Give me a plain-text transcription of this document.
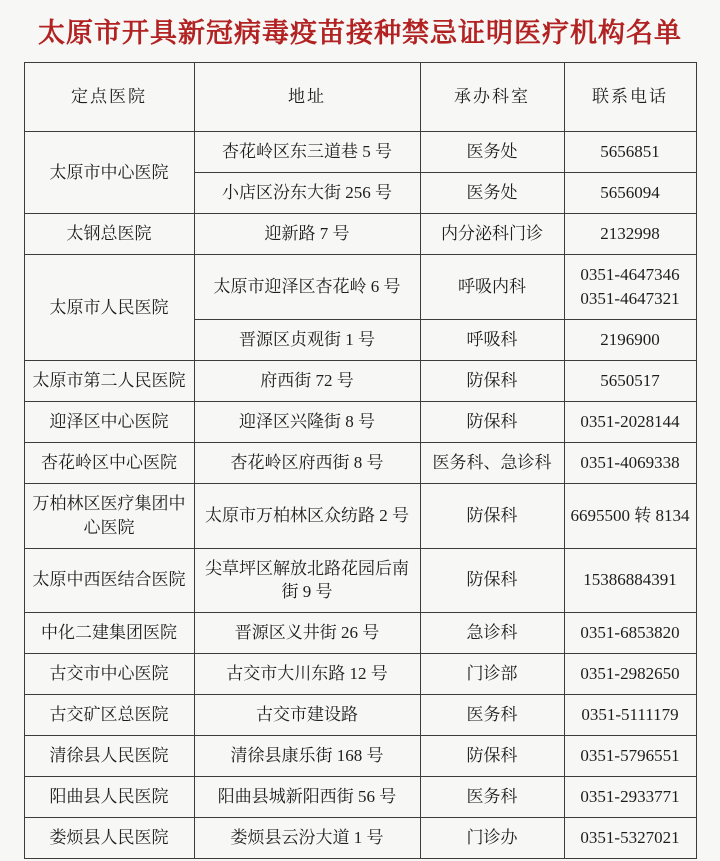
太原市开具新冠病毒疫苗接种禁忌证明医疗机构名单
定点医院	地址	承办科室	联系电话
太原市中心医院	杏花岭区东三道巷 5 号	医务处	5656851
	小店区汾东大街 256 号	医务处	5656094
太钢总医院	迎新路 7 号	内分泌科门诊	2132998
太原市人民医院	太原市迎泽区杏花岭 6 号	呼吸内科	0351-4647346
0351-4647321
	晋源区贞观街 1 号	呼吸科	2196900
太原市第二人民医院	府西街 72 号	防保科	5650517
迎泽区中心医院	迎泽区兴隆街 8 号	防保科	0351-2028144
杏花岭区中心医院	杏花岭区府西街 8 号	医务科、急诊科	0351-4069338
万柏林区医疗集团中心医院	太原市万柏林区众纺路 2 号	防保科	6695500 转 8134
太原中西医结合医院	尖草坪区解放北路花园后南街 9 号	防保科	15386884391
中化二建集团医院	晋源区义井街 26 号	急诊科	0351-6853820
古交市中心医院	古交市大川东路 12 号	门诊部	0351-2982650
古交矿区总医院	古交市建设路	医务科	0351-5111179
清徐县人民医院	清徐县康乐街 168 号	防保科	0351-5796551
阳曲县人民医院	阳曲县城新阳西街 56 号	医务科	0351-2933771
娄烦县人民医院	娄烦县云汾大道 1 号	门诊办	0351-5327021
